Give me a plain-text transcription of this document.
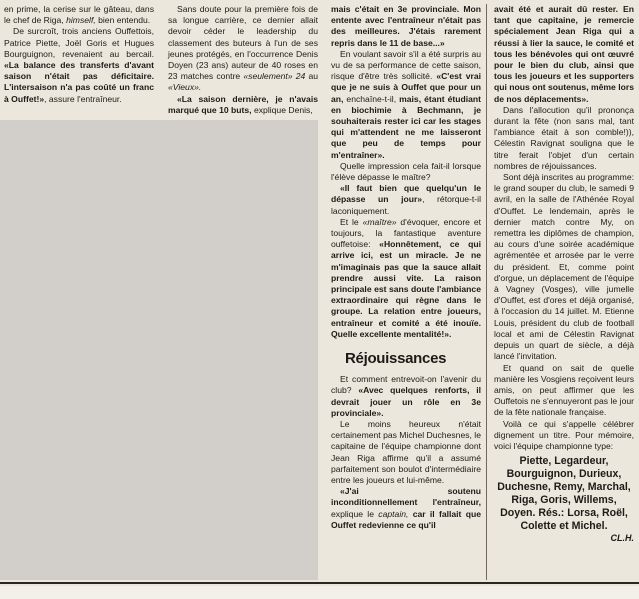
en prime, la cerise sur le gâteau, dans le chef de Riga, himself, bien entendu.

De surcroît, trois anciens Ouffettois, Patrice Piette, Joël Goris et Hugues Bourguignon, revenaient au bercail. «La balance des transferts d'avant saison n'était pas déficitaire. L'intersaison n'a pas coûté un franc à Ouffet!», assure l'entraîneur.

Sans doute pour la première fois de sa longue carrière, ce dernier allait devoir céder le leadership du classement des buteurs à l'un de ses jeunes protégés, en l'occurrence Denis Doyen (23 ans) auteur de 40 roses en 23 matches contre «seulement» 24 au «Vieux».

«La saison dernière, je n'avais marqué que 10 buts, explique Denis,

mais c'était en 3e provinciale. Mon entente avec l'entraîneur n'était pas des meilleures. J'étais rarement repris dans le 11 de base...»

En voulant savoir s'il a été surpris au vu de sa performance de cette saison, risque d'être très sollicité. «C'est vrai que je ne suis à Ouffet que pour un an, enchaîne-t-il, mais, étant étudiant en biochimie à Bechmann, je souhaiterais rester ici car les stages qui m'attendent ne me laisseront que peu de temps pour m'entraîner».

Quelle impression cela fait-il lorsque l'élève dépasse le maître?

«Il faut bien que quelqu'un le dépasse un jour», rétorque-t-il laconiquement.

Et le «maître» d'évoquer, encore et toujours, la fantastique aventure ouffetoise: «Honnêtement, ce qui arrive ici, est un miracle. Je ne m'imaginais pas que la sauce allait prendre aussi vite. La raison principale est sans doute l'ambiance extraordinaire qui règne dans le groupe. La relation entre joueurs, entraîneur et comité a été inouïe. Quelle excellente mentalité!».

Réjouissances

Et comment entrevoit-on l'avenir du club? «Avec quelques renforts, il devrait jouer un rôle en 3e provinciale».

Le moins heureux n'était certainement pas Michel Duchesnes, le capitaine de l'équipe championne dont Jean Riga affirme qu'il a assumé parfaitement son boulot d'intermédiaire entre les joueurs et lui-même.

«J'ai soutenu inconditionnellement l'entraîneur, explique le captain, car il fallait que Ouffet redevienne ce qu'il

avait été et aurait dû rester. En tant que capitaine, je remercie spécialement Jean Riga qui a réussi à lier la sauce, le comité et tous les bénévoles qui ont œuvré pour le bien du club, ainsi que tous les joueurs et les supporters qui nous ont soutenus, même lors de nos déplacements».

Dans l'allocution qu'il prononça durant la fête (non sans mal, tant l'ambiance était à son comble!)), Célestin Ravignat souligna que le titre ferait l'objet d'un certain nombres de réjouissances.

Sont déjà inscrites au programme: le grand souper du club, le samedi 9 avril, en la salle de l'Athénée Royal d'Ouffet. Le lendemain, après le dernier match contre My, on remettra les diplômes de champion, au cours d'une soirée académique agrémentée et arrosée par le verre du président. Et, comme point d'orgue, un déplacement de l'équipe à Vagney (Vosges), ville jumelle d'Ouffet, est d'ores et déjà organisé, à l'occasion du 14 juillet. M. Etienne Louis, président du club de football local et ami de Célestin Ravignat depuis un quart de siècle, a déjà lancé l'invitation.

Et quand on sait de quelle manière les Vosgiens reçoivent leurs amis, on peut affirmer que les Ouffetois ne s'ennuyeront pas le jour de la fête nationale française.

Voilà ce qui s'appelle célébrer dignement un titre. Pour mémoire, voici l'équipe championne type:

Piette, Legardeur, Bourguignon, Durieux, Duchesne, Remy, Marchal, Riga, Goris, Willems, Doyen. Rés.: Lorsa, Roël, Colette et Michel.
CL.H.
